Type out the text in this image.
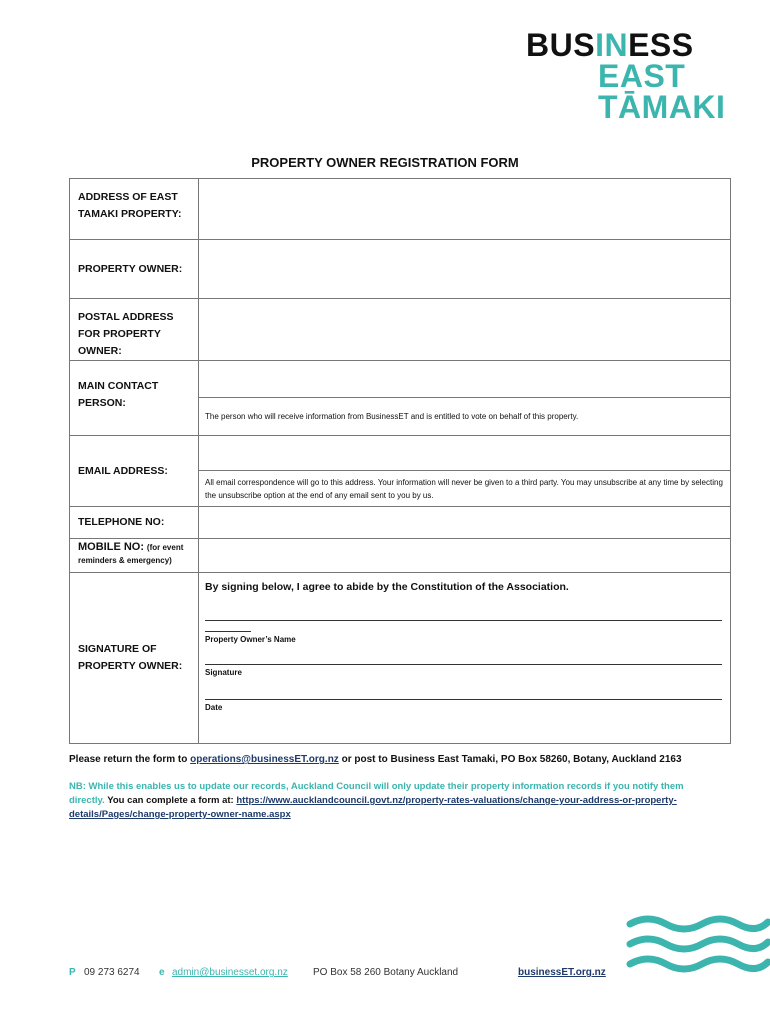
BUSINESS
EAST
TĀMAKI
PROPERTY OWNER REGISTRATION FORM
ADDRESS OF EAST TAMAKI PROPERTY:	

PROPERTY OWNER:	

POSTAL ADDRESS FOR PROPERTY OWNER:	

MAIN CONTACT PERSON:	

	The person who will receive information from BusinessET and is entitled to vote on behalf of this property.

EMAIL ADDRESS:	

	All email correspondence will go to this address. Your information will never be given to a third party. You may unsubscribe at any time by selecting the unsubscribe option at the end of any email sent to you by us.

TELEPHONE NO:	

MOBILE NO: (for event reminders & emergency)	

SIGNATURE OF PROPERTY OWNER:	By signing below, I agree to abide by the Constitution of the Association.
Property Owner’s Name
Signature
Date
Please return the form to operations@businessET.org.nz or post to Business East Tamaki, PO Box 58260, Botany, Auckland 2163
NB: While this enables us to update our records, Auckland Council will only update their property information records if you notify them directly. You can complete a form at: https://www.aucklandcouncil.govt.nz/property-rates-valuations/change-your-address-or-property-details/Pages/change-property-owner-name.aspx
P 09 273 6274 e admin@businesset.org.nz	PO Box 58 260 Botany Auckland	businessET.org.nz
